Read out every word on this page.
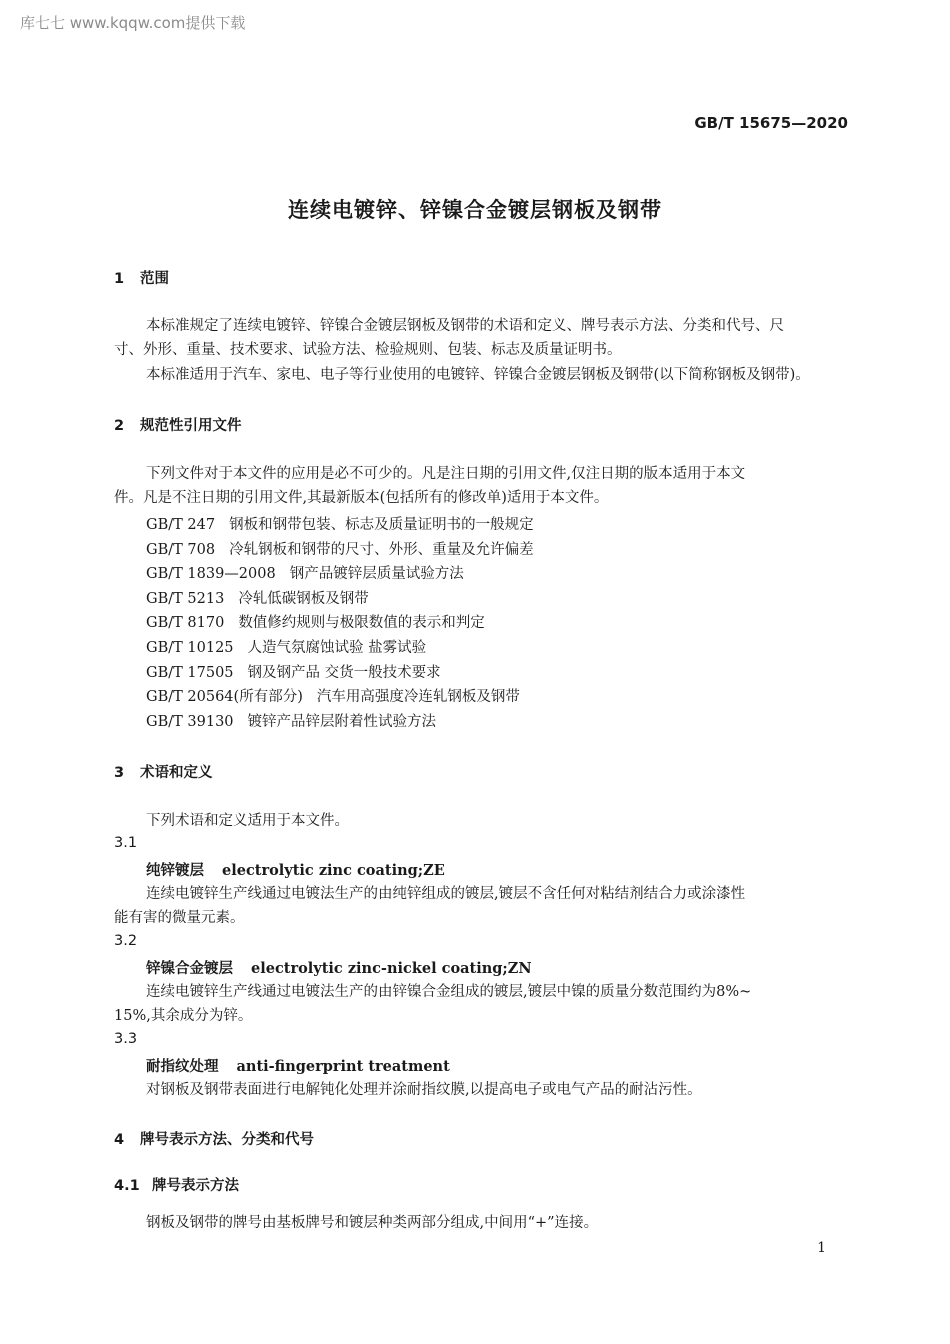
库七七 www.kqqw.com提供下载
GB/T 15675—2020
连续电镀锌、锌镍合金镀层钢板及钢带
1 范围
本标准规定了连续电镀锌、锌镍合金镀层钢板及钢带的术语和定义、牌号表示方法、分类和代号、尺
寸、外形、重量、技术要求、试验方法、检验规则、包装、标志及质量证明书。
本标准适用于汽车、家电、电子等行业使用的电镀锌、锌镍合金镀层钢板及钢带(以下简称钢板及钢带)。
2 规范性引用文件
下列文件对于本文件的应用是必不可少的。凡是注日期的引用文件,仅注日期的版本适用于本文
件。凡是不注日期的引用文件,其最新版本(包括所有的修改单)适用于本文件。
GB/T 247 钢板和钢带包装、标志及质量证明书的一般规定
GB/T 708 冷轧钢板和钢带的尺寸、外形、重量及允许偏差
GB/T 1839—2008 钢产品镀锌层质量试验方法
GB/T 5213 冷轧低碳钢板及钢带
GB/T 8170 数值修约规则与极限数值的表示和判定
GB/T 10125 人造气氛腐蚀试验 盐雾试验
GB/T 17505 钢及钢产品 交货一般技术要求
GB/T 20564(所有部分) 汽车用高强度冷连轧钢板及钢带
GB/T 39130 镀锌产品锌层附着性试验方法
3 术语和定义
下列术语和定义适用于本文件。
3.1
纯锌镀层 electrolytic zinc coating;ZE
连续电镀锌生产线通过电镀法生产的由纯锌组成的镀层,镀层不含任何对粘结剂结合力或涂漆性
能有害的微量元素。
3.2
锌镍合金镀层 electrolytic zinc-nickel coating;ZN
连续电镀锌生产线通过电镀法生产的由锌镍合金组成的镀层,镀层中镍的质量分数范围约为8%~
15%,其余成分为锌。
3.3
耐指纹处理 anti-fingerprint treatment
对钢板及钢带表面进行电解钝化处理并涂耐指纹膜,以提高电子或电气产品的耐沾污性。
4 牌号表示方法、分类和代号
4.1 牌号表示方法
钢板及钢带的牌号由基板牌号和镀层种类两部分组成,中间用“+”连接。
1
